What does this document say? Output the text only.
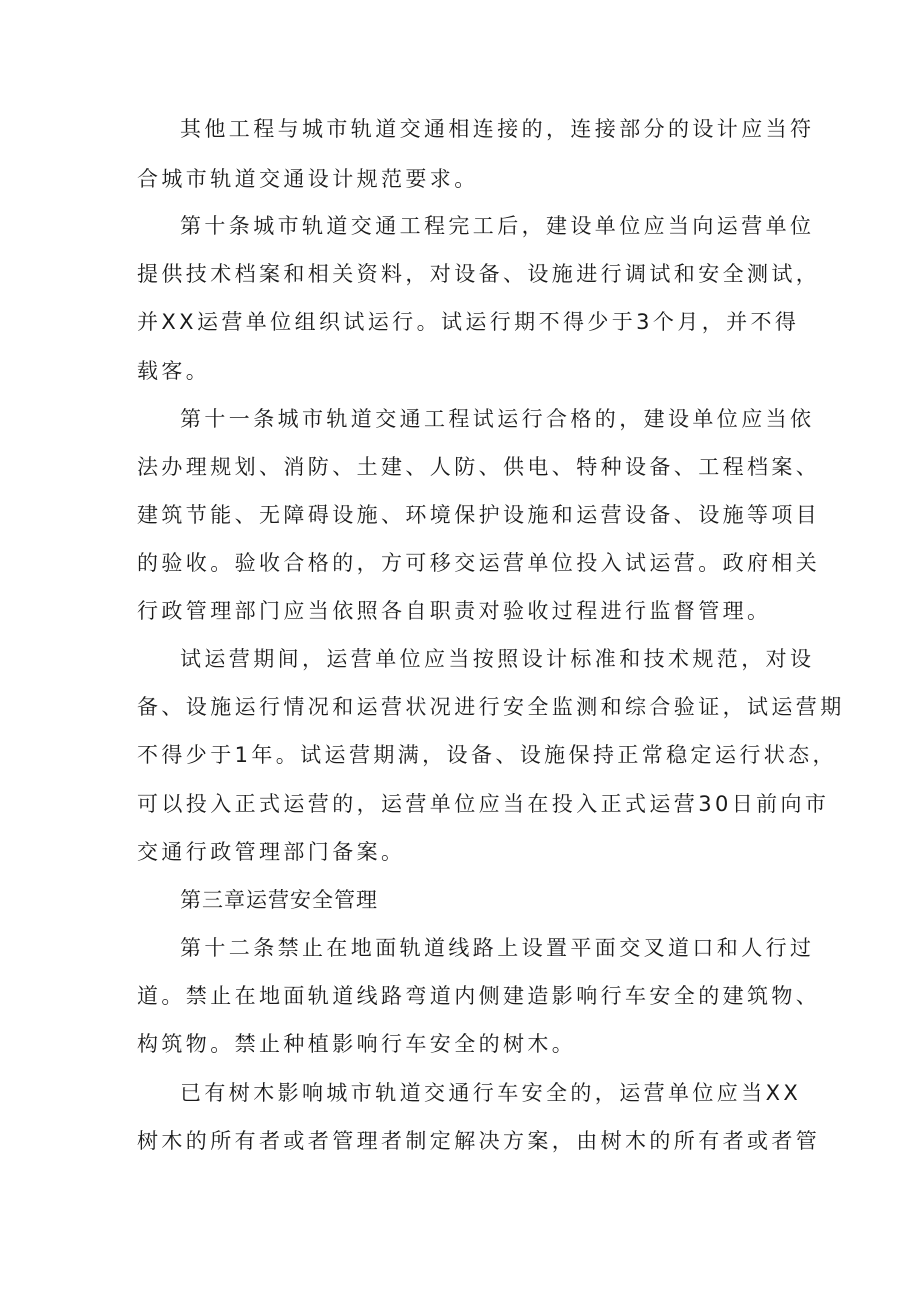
其他工程与城市轨道交通相连接的，连接部分的设计应当符
合城市轨道交通设计规范要求。
第十条城市轨道交通工程完工后，建设单位应当向运营单位
提供技术档案和相关资料，对设备、设施进行调试和安全测试，
并XX运营单位组织试运行。试运行期不得少于3个月，并不得
载客。
第十一条城市轨道交通工程试运行合格的，建设单位应当依
法办理规划、消防、土建、人防、供电、特种设备、工程档案、
建筑节能、无障碍设施、环境保护设施和运营设备、设施等项目
的验收。验收合格的，方可移交运营单位投入试运营。政府相关
行政管理部门应当依照各自职责对验收过程进行监督管理。
试运营期间，运营单位应当按照设计标准和技术规范，对设
备、设施运行情况和运营状况进行安全监测和综合验证，试运营期
不得少于1年。试运营期满，设备、设施保持正常稳定运行状态，
可以投入正式运营的，运营单位应当在投入正式运营30日前向市
交通行政管理部门备案。
第三章运营安全管理
第十二条禁止在地面轨道线路上设置平面交叉道口和人行过
道。禁止在地面轨道线路弯道内侧建造影响行车安全的建筑物、
构筑物。禁止种植影响行车安全的树木。
已有树木影响城市轨道交通行车安全的，运营单位应当XX
树木的所有者或者管理者制定解决方案，由树木的所有者或者管
